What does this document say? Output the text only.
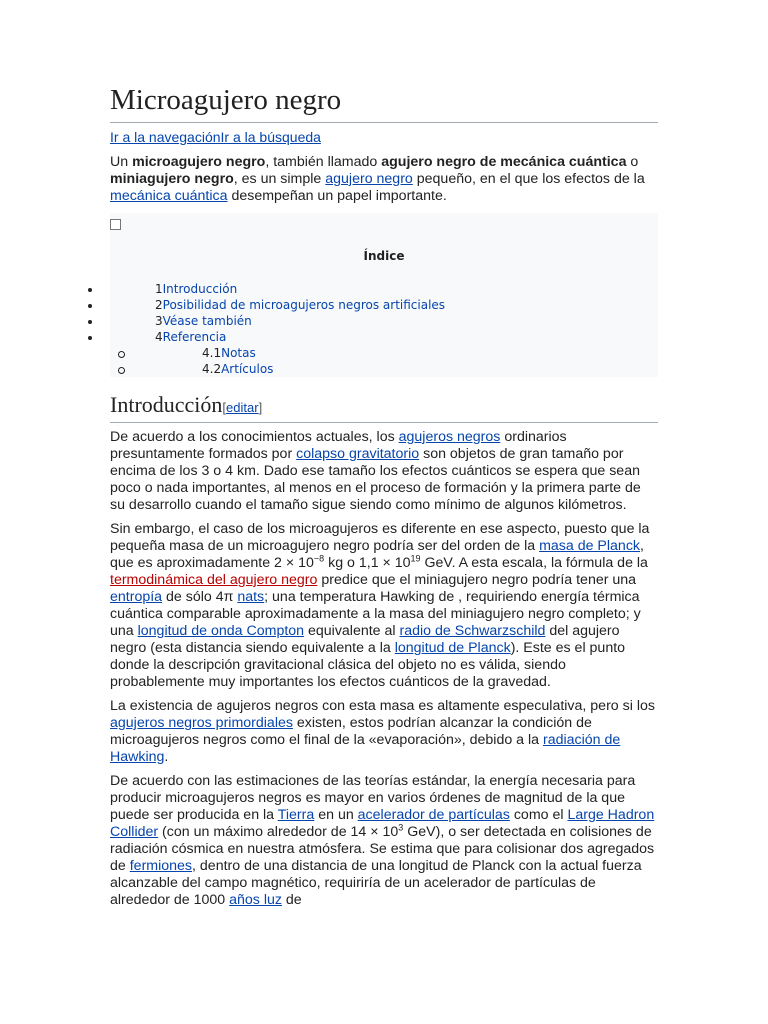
Microagujero negro
Ir a la navegaciónIr a la búsqueda

Un microagujero negro, también llamado agujero negro de mecánica cuántica o miniagujero negro, es un simple agujero negro pequeño, en el que los efectos de la mecánica cuántica desempeñan un papel importante.

Índice
1Introducción
2Posibilidad de microagujeros negros artificiales
3Véase también
4Referencia
4.1Notas
4.2Artículos
Introducción[editar]

De acuerdo a los conocimientos actuales, los agujeros negros ordinarios presuntamente formados por colapso gravitatorio son objetos de gran tamaño por encima de los 3 o 4 km. Dado ese tamaño los efectos cuánticos se espera que sean poco o nada importantes, al menos en el proceso de formación y la primera parte de su desarrollo cuando el tamaño sigue siendo como mínimo de algunos kilómetros.

Sin embargo, el caso de los microagujeros es diferente en ese aspecto, puesto que la pequeña masa de un microagujero negro podría ser del orden de la masa de Planck, que es aproximadamente $2 \times 10^{-8}$ kg o $1,1 \times 10^{19}$ GeV. A esta escala, la fórmula de la termodinámica del agujero negro predice que el miniagujero negro podría tener una entropía de sólo 4π nats; una temperatura Hawking de , requiriendo energía térmica cuántica comparable aproximadamente a la masa del miniagujero negro completo; y una longitud de onda Compton equivalente al radio de Schwarzschild del agujero negro (esta distancia siendo equivalente a la longitud de Planck). Este es el punto donde la descripción gravitacional clásica del objeto no es válida, siendo probablemente muy importantes los efectos cuánticos de la gravedad.

La existencia de agujeros negros con esta masa es altamente especulativa, pero si los agujeros negros primordiales existen, estos podrían alcanzar la condición de microagujeros negros como el final de la «evaporación», debido a la radiación de Hawking.

De acuerdo con las estimaciones de las teorías estándar, la energía necesaria para producir microagujeros negros es mayor en varios órdenes de magnitud de la que puede ser producida en la Tierra en un acelerador de partículas como el Large Hadron Collider (con un máximo alrededor de $14 \times 10^3$ GeV), o ser detectada en colisiones de radiación cósmica en nuestra atmósfera. Se estima que para colisionar dos agregados de fermiones, dentro de una distancia de una longitud de Planck con la actual fuerza alcanzable del campo magnético, requiriría de un acelerador de partículas de alrededor de 1000 años luz de
